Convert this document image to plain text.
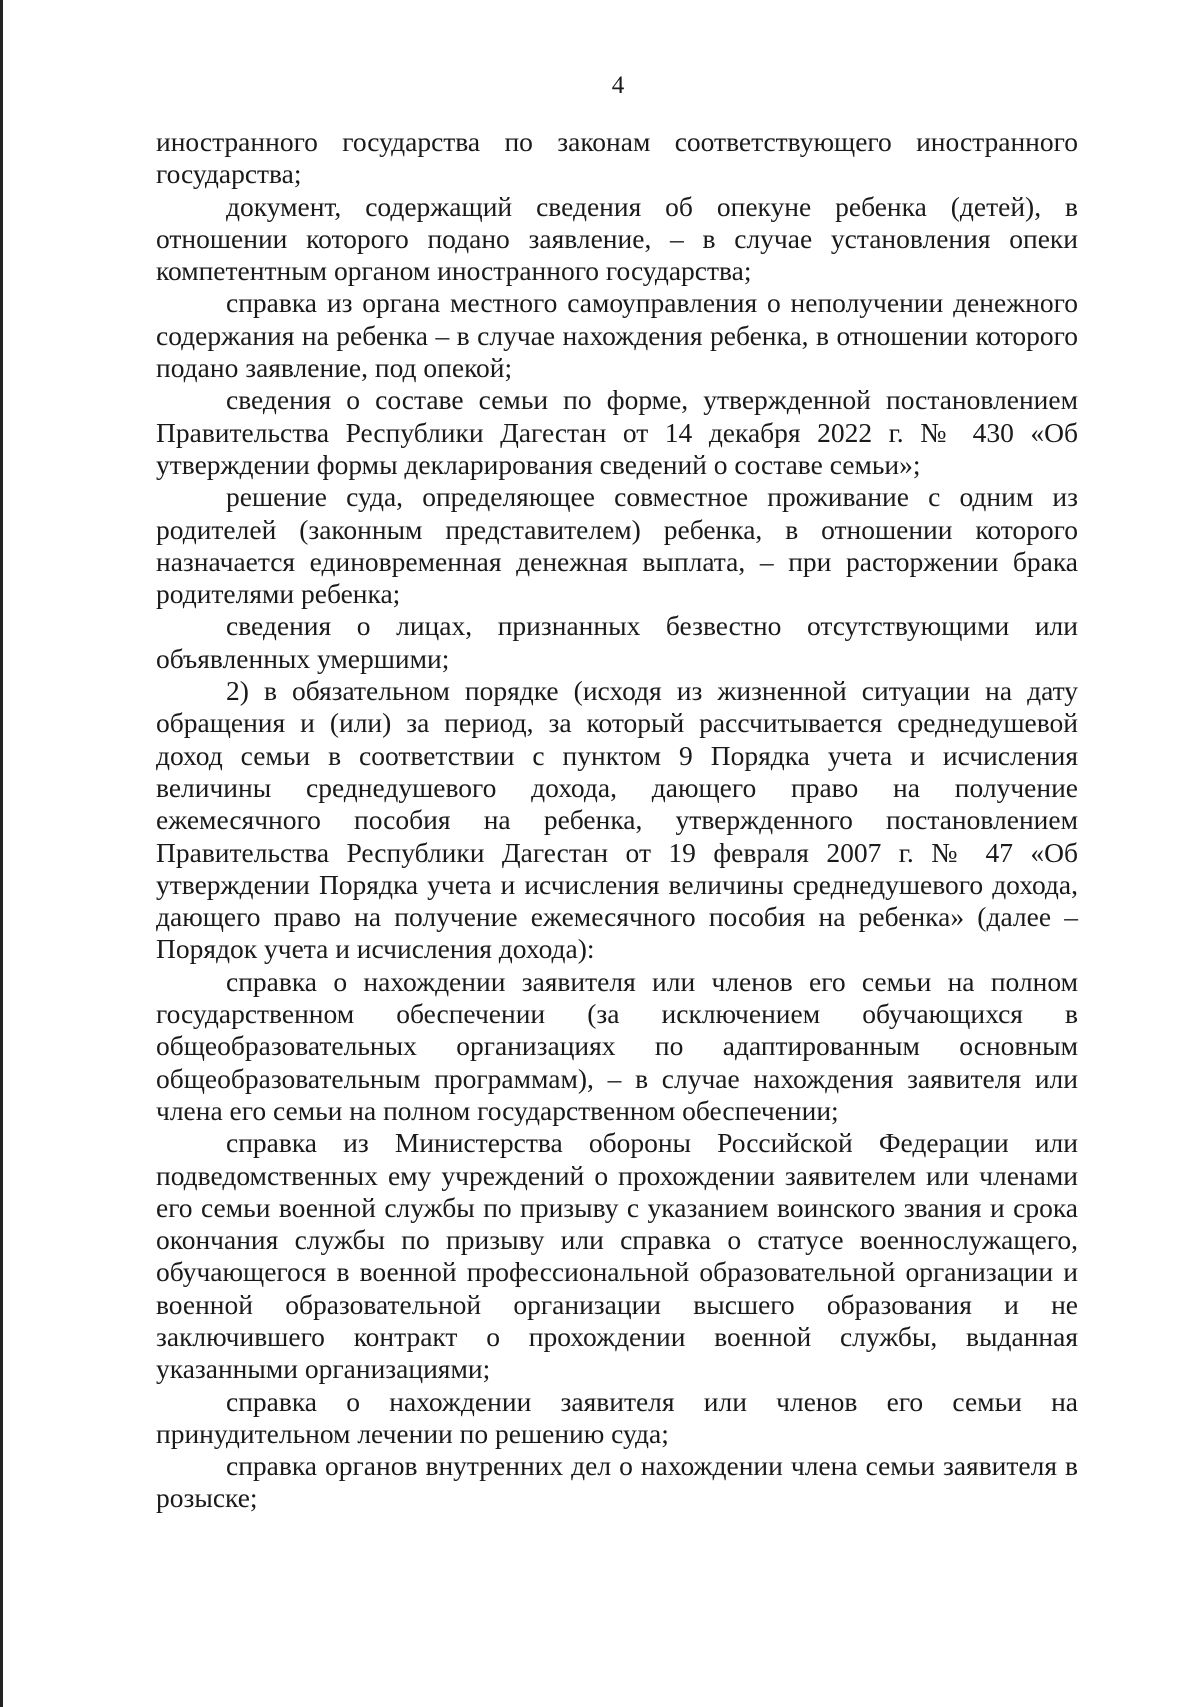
4

иностранного государства по законам соответствующего иностранного государства;

документ, содержащий сведения об опекуне ребенка (детей), в отношении которого подано заявление, – в случае установления опеки компетентным органом иностранного государства;

справка из органа местного самоуправления о неполучении денежного содержания на ребенка – в случае нахождения ребенка, в отношении которого подано заявление, под опекой;

сведения о составе семьи по форме, утвержденной постановлением Правительства Республики Дагестан от 14 декабря 2022 г. № 430 «Об утверждении формы декларирования сведений о составе семьи»;

решение суда, определяющее совместное проживание с одним из родителей (законным представителем) ребенка, в отношении которого назначается единовременная денежная выплата, – при расторжении брака родителями ребенка;

сведения о лицах, признанных безвестно отсутствующими или объявленных умершими;

2) в обязательном порядке (исходя из жизненной ситуации на дату обращения и (или) за период, за который рассчитывается среднедушевой доход семьи в соответствии с пунктом 9 Порядка учета и исчисления величины среднедушевого дохода, дающего право на получение ежемесячного пособия на ребенка, утвержденного постановлением Правительства Республики Дагестан от 19 февраля 2007 г. № 47 «Об утверждении Порядка учета и исчисления величины среднедушевого дохода, дающего право на получение ежемесячного пособия на ребенка» (далее – Порядок учета и исчисления дохода):

справка о нахождении заявителя или членов его семьи на полном государственном обеспечении (за исключением обучающихся в общеобразовательных организациях по адаптированным основным общеобразовательным программам), – в случае нахождения заявителя или члена его семьи на полном государственном обеспечении;

справка из Министерства обороны Российской Федерации или подведомственных ему учреждений о прохождении заявителем или членами его семьи военной службы по призыву с указанием воинского звания и срока окончания службы по призыву или справка о статусе военнослужащего, обучающегося в военной профессиональной образовательной организации и военной образовательной организации высшего образования и не заключившего контракт о прохождении военной службы, выданная указанными организациями;

справка о нахождении заявителя или членов его семьи на принудительном лечении по решению суда;

справка органов внутренних дел о нахождении члена семьи заявителя в розыске;
